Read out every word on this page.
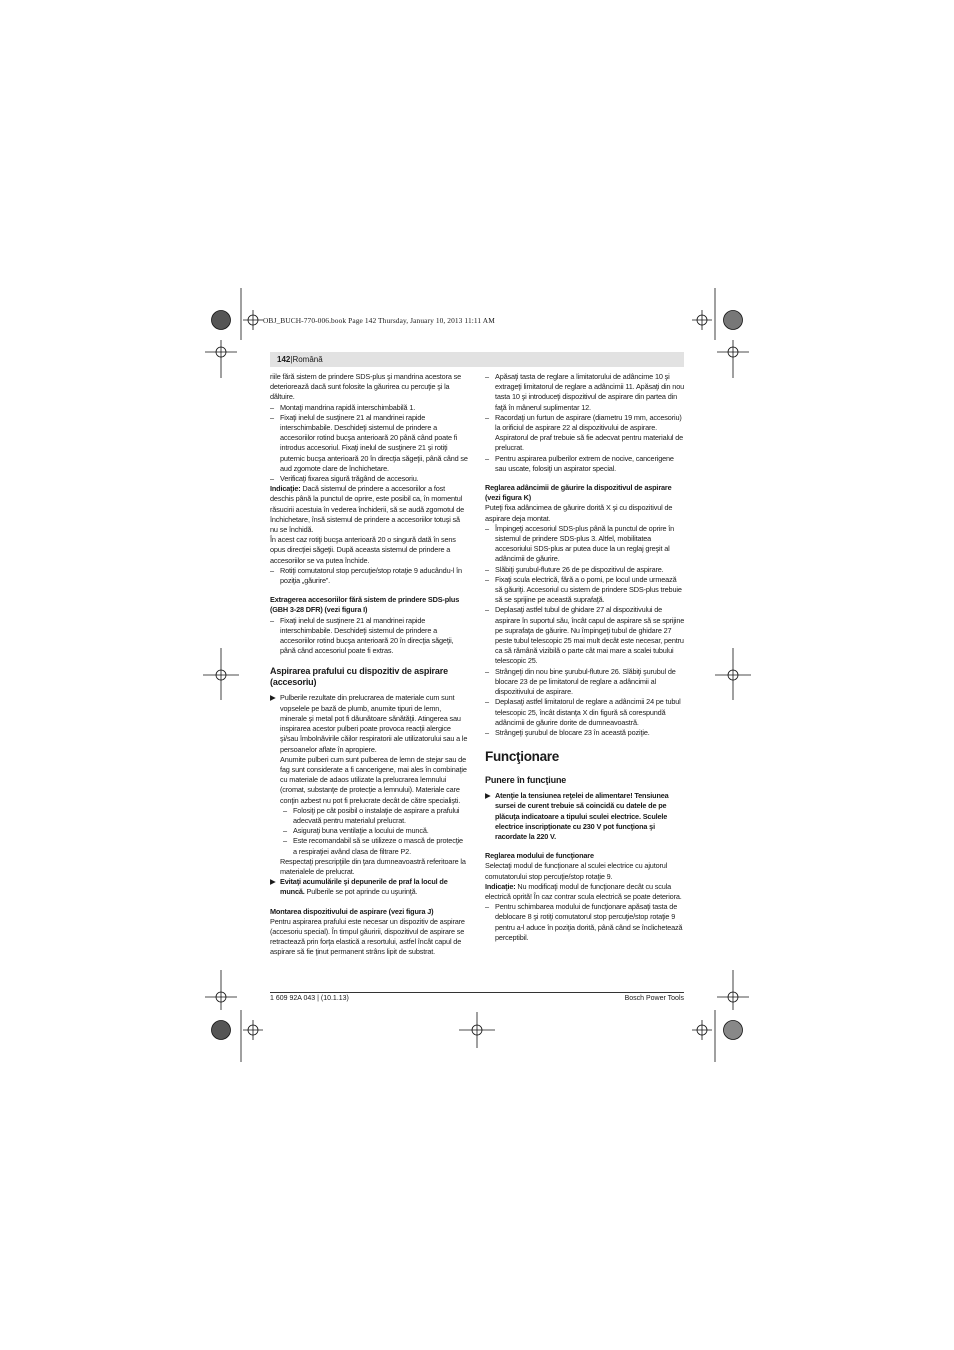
OBJ_BUCH-770-006.book Page 142 Thursday, January 10, 2013 11:11 AM
142|Română

riile fără sistem de prindere SDS-plus şi mandrina acestora se deteriorează dacă sunt folosite la găurirea cu percuţie şi la dăltuire.

– Montaţi mandrina rapidă interschimbabilă 1.

– Fixaţi inelul de susţinere 21 al mandrinei rapide interschimbabile. Deschideţi sistemul de prindere a accesoriilor rotind bucşa anterioară 20 până când poate fi introdus accesoriul. Fixaţi inelul de susţinere 21 şi rotiţi puternic bucşa anterioară 20 în direcţia săgeţii, până când se aud zgomote clare de închichetare.

– Verificaţi fixarea sigură trăgând de accesoriu.

Indicaţie: Dacă sistemul de prindere a accesoriilor a fost deschis până la punctul de oprire, este posibil ca, în momentul răsucirii acestuia în vederea închiderii, să se audă zgomotul de închichetare, însă sistemul de prindere a accesoriilor totuşi să nu se închidă.

În acest caz rotiţi bucşa anterioară 20 o singură dată în sens opus direcţiei săgeţii. După aceasta sistemul de prindere a accesoriilor se va putea închide.

– Rotiţi comutatorul stop percuţie/stop rotaţie 9 aducându-l în poziţia „găurire”.

Extragerea accesoriilor fără sistem de prindere SDS-plus (GBH 3-28 DFR) (vezi figura I)

– Fixaţi inelul de susţinere 21 al mandrinei rapide interschimbabile. Deschideţi sistemul de prindere a accesoriilor rotind bucşa anterioară 20 în direcţia săgeţii, până când accesoriul poate fi extras.

Aspirarea prafului cu dispozitiv de aspirare (accesoriu)

▶ Pulberile rezultate din prelucrarea de materiale cum sunt vopselele pe bază de plumb, anumite tipuri de lemn, minerale şi metal pot fi dăunătoare sănătăţii. Atingerea sau inspirarea acestor pulberi poate provoca reacţii alergice şi/sau îmbolnăvirile căilor respiratorii ale utilizatorului sau a le persoanelor aflate în apropiere.

Anumite pulberi cum sunt pulberea de lemn de stejar sau de fag sunt considerate a fi cancerigene, mai ales în combinaţie cu materiale de adaos utilizate la prelucrarea lemnului (cromat, substanţe de protecţie a lemnului). Materiale care conţin azbest nu pot fi prelucrate decât de către specialişti.

– Folosiţi pe cât posibil o instalaţie de aspirare a prafului adecvată pentru materialul prelucrat.

– Asiguraţi buna ventilaţie a locului de muncă.

– Este recomandabil să se utilizeze o mască de protecţie a respiraţiei având clasa de filtrare P2.

Respectaţi prescripţiile din ţara dumneavoastră referitoare la materialele de prelucrat.

▶ Evitaţi acumulările şi depunerile de praf la locul de muncă. Pulberile se pot aprinde cu uşurinţă.

Montarea dispozitivului de aspirare (vezi figura J)

Pentru aspirarea prafului este necesar un dispozitiv de aspirare (accesoriu special). În timpul găuririi, dispozitivul de aspirare se retractează prin forţa elastică a resortului, astfel încât capul de aspirare să fie ţinut permanent strâns lipit de substrat.

– Apăsaţi tasta de reglare a limitatorului de adâncime 10 şi extrageţi limitatorul de reglare a adâncimii 11. Apăsaţi din nou tasta 10 şi introduceţi dispozitivul de aspirare din partea din faţă în mânerul suplimentar 12.

– Racordaţi un furtun de aspirare (diametru 19 mm, accesoriu) la orificiul de aspirare 22 al dispozitivului de aspirare. Aspiratorul de praf trebuie să fie adecvat pentru materialul de prelucrat.

– Pentru aspirarea pulberilor extrem de nocive, cancerigene sau uscate, folosiţi un aspirator special.

Reglarea adâncimii de găurire la dispozitivul de aspirare (vezi figura K)

Puteţi fixa adâncimea de găurire dorită X şi cu dispozitivul de aspirare deja montat.

– Împingeţi accesoriul SDS-plus până la punctul de oprire în sistemul de prindere SDS-plus 3. Altfel, mobilitatea accesoriului SDS-plus ar putea duce la un reglaj greşit al adâncimii de găurire.

– Slăbiţi şurubul-fluture 26 de pe dispozitivul de aspirare.

– Fixaţi scula electrică, fără a o porni, pe locul unde urmează să găuriţi. Accesoriul cu sistem de prindere SDS-plus trebuie să se sprijine pe această suprafaţă.

– Deplasaţi astfel tubul de ghidare 27 al dispozitivului de aspirare în suportul său, încât capul de aspirare să se sprijine pe suprafaţa de găurire. Nu împingeţi tubul de ghidare 27 peste tubul telescopic 25 mai mult decât este necesar, pentru ca să rămână vizibilă o parte cât mai mare a scalei tubului telescopic 25.

– Strângeţi din nou bine şurubul-fluture 26. Slăbiţi şurubul de blocare 23 de pe limitatorul de reglare a adâncimii al dispozitivului de aspirare.

– Deplasaţi astfel limitatorul de reglare a adâncimii 24 pe tubul telescopic 25, încât distanţa X din figură să corespundă adâncimii de găurire dorite de dumneavoastră.

– Strângeţi şurubul de blocare 23 în această poziţie.

Funcţionare

Punere în funcţiune

▶ Atenţie la tensiunea reţelei de alimentare! Tensiunea sursei de curent trebuie să coincidă cu datele de pe plăcuţa indicatoare a tipului sculei electrice. Sculele electrice inscripţionate cu 230 V pot funcţiona şi racordate la 220 V.

Reglarea modului de funcţionare

Selectaţi modul de funcţionare al sculei electrice cu ajutorul comutatorului stop percuţie/stop rotaţie 9.

Indicaţie: Nu modificaţi modul de funcţionare decât cu scula electrică oprită! În caz contrar scula electrică se poate deteriora.

– Pentru schimbarea modului de funcţionare apăsaţi tasta de deblocare 8 şi rotiţi comutatorul stop percuţie/stop rotaţie 9 pentru a-l aduce în poziţia dorită, până când se înclichetează perceptibil.

1 609 92A 043 | (10.1.13)	Bosch Power Tools
